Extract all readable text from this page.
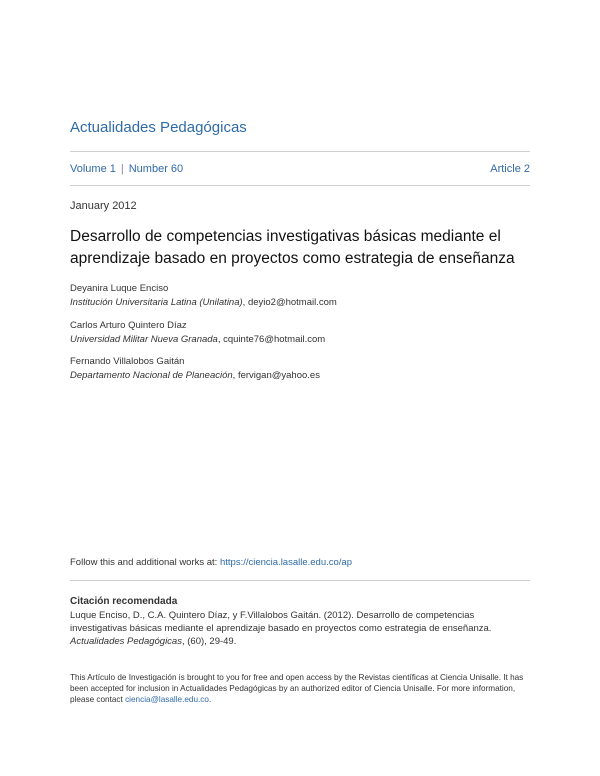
Actualidades Pedagógicas
Volume 1 | Number 60	Article 2
January 2012
Desarrollo de competencias investigativas básicas mediante el aprendizaje basado en proyectos como estrategia de enseñanza
Deyanira Luque Enciso
Institución Universitaria Latina (Unilatina), deyio2@hotmail.com
Carlos Arturo Quintero Díaz
Universidad Militar Nueva Granada, cquinte76@hotmail.com
Fernando Villalobos Gaitán
Departamento Nacional de Planeación, fervigan@yahoo.es
Follow this and additional works at: https://ciencia.lasalle.edu.co/ap
Citación recomendada
Luque Enciso, D., C.A. Quintero Díaz, y F.Villalobos Gaitán. (2012). Desarrollo de competencias investigativas básicas mediante el aprendizaje basado en proyectos como estrategia de enseñanza. Actualidades Pedagógicas, (60), 29-49.
This Artículo de Investigación is brought to you for free and open access by the Revistas científicas at Ciencia Unisalle. It has been accepted for inclusion in Actualidades Pedagógicas by an authorized editor of Ciencia Unisalle. For more information, please contact ciencia@lasalle.edu.co.
